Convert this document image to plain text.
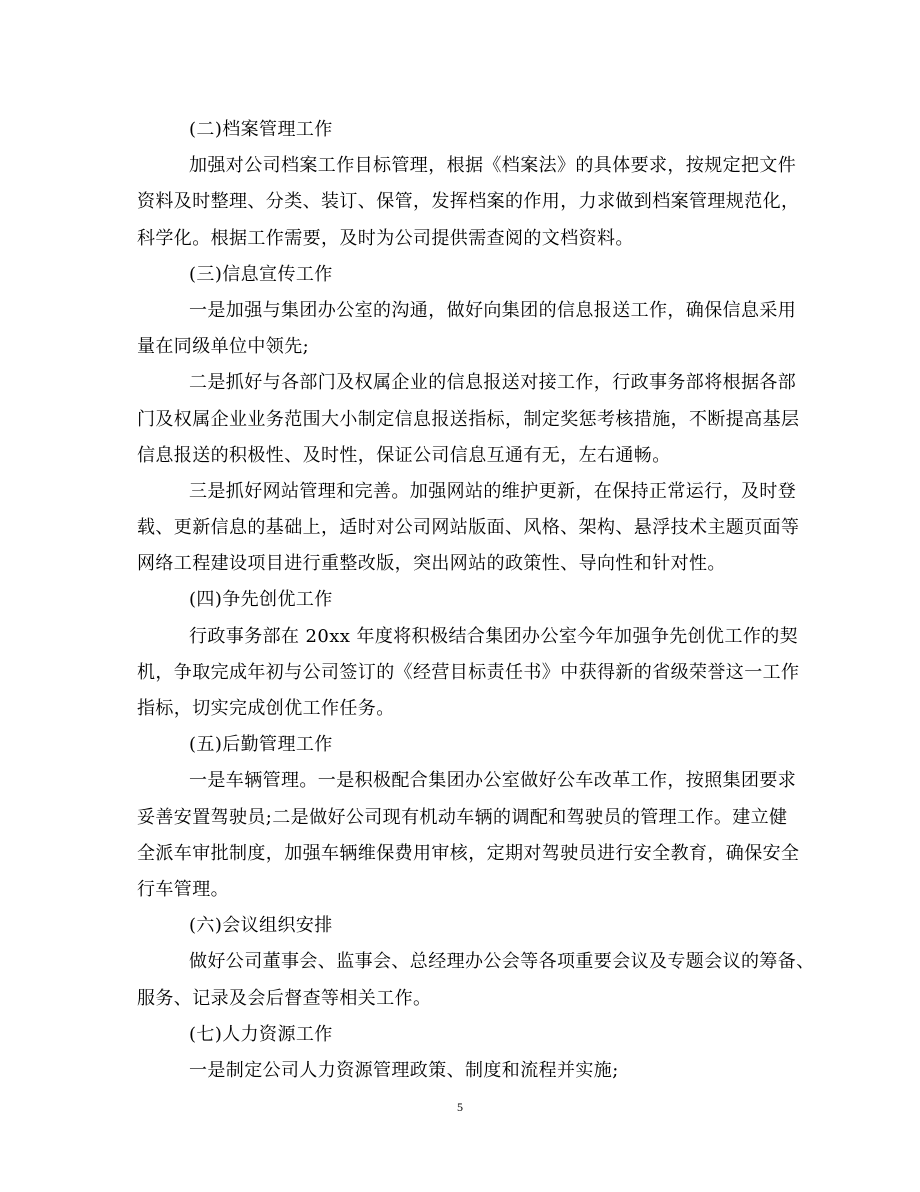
(二)档案管理工作
加强对公司档案工作目标管理，根据《档案法》的具体要求，按规定把文件
资料及时整理、分类、装订、保管，发挥档案的作用，力求做到档案管理规范化，
科学化。根据工作需要，及时为公司提供需查阅的文档资料。
(三)信息宣传工作
一是加强与集团办公室的沟通，做好向集团的信息报送工作，确保信息采用
量在同级单位中领先;
二是抓好与各部门及权属企业的信息报送对接工作，行政事务部将根据各部
门及权属企业业务范围大小制定信息报送指标，制定奖惩考核措施，不断提高基层
信息报送的积极性、及时性，保证公司信息互通有无，左右通畅。
三是抓好网站管理和完善。加强网站的维护更新，在保持正常运行，及时登
载、更新信息的基础上，适时对公司网站版面、风格、架构、悬浮技术主题页面等
网络工程建设项目进行重整改版，突出网站的政策性、导向性和针对性。
(四)争先创优工作
行政事务部在 20xx 年度将积极结合集团办公室今年加强争先创优工作的契
机，争取完成年初与公司签订的《经营目标责任书》中获得新的省级荣誉这一工作
指标，切实完成创优工作任务。
(五)后勤管理工作
一是车辆管理。一是积极配合集团办公室做好公车改革工作，按照集团要求
妥善安置驾驶员;二是做好公司现有机动车辆的调配和驾驶员的管理工作。建立健
全派车审批制度，加强车辆维保费用审核，定期对驾驶员进行安全教育，确保安全
行车管理。
(六)会议组织安排
做好公司董事会、监事会、总经理办公会等各项重要会议及专题会议的筹备、
服务、记录及会后督查等相关工作。
(七)人力资源工作
一是制定公司人力资源管理政策、制度和流程并实施;
5
